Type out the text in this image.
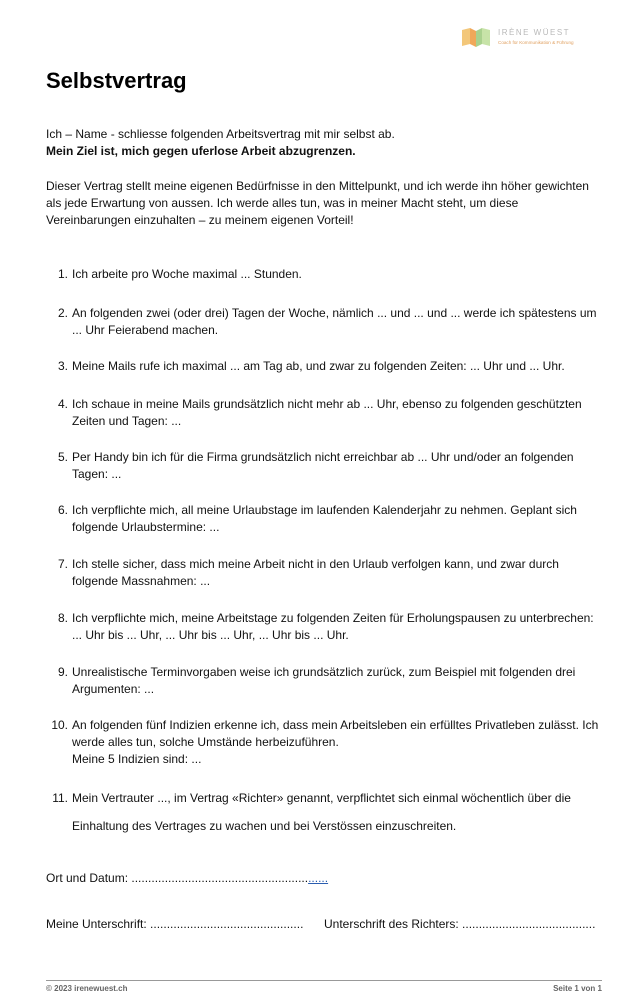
IRÈNE WÜEST
Coach für Kommunikation & Führung
Selbstvertrag
Ich – Name - schliesse folgenden Arbeitsvertrag mit mir selbst ab.
Mein Ziel ist, mich gegen uferlose Arbeit abzugrenzen.
Dieser Vertrag stellt meine eigenen Bedürfnisse in den Mittelpunkt, und ich werde ihn höher gewichten als jede Erwartung von aussen. Ich werde alles tun, was in meiner Macht steht, um diese Vereinbarungen einzuhalten – zu meinem eigenen Vorteil!
1. Ich arbeite pro Woche maximal ... Stunden.
2. An folgenden zwei (oder drei) Tagen der Woche, nämlich ... und ... und ... werde ich spätestens um ... Uhr Feierabend machen.
3. Meine Mails rufe ich maximal ... am Tag ab, und zwar zu folgenden Zeiten: ... Uhr und ... Uhr.
4. Ich schaue in meine Mails grundsätzlich nicht mehr ab ... Uhr, ebenso zu folgenden geschützten Zeiten und Tagen: ...
5. Per Handy bin ich für die Firma grundsätzlich nicht erreichbar ab ... Uhr und/oder an folgenden Tagen: ...
6. Ich verpflichte mich, all meine Urlaubstage im laufenden Kalenderjahr zu nehmen. Geplant sich folgende Urlaubstermine: ...
7. Ich stelle sicher, dass mich meine Arbeit nicht in den Urlaub verfolgen kann, und zwar durch folgende Massnahmen: ...
8. Ich verpflichte mich, meine Arbeitstage zu folgenden Zeiten für Erholungspausen zu unterbrechen: ... Uhr bis ... Uhr, ... Uhr bis ... Uhr, ... Uhr bis ... Uhr.
9. Unrealistische Terminvorgaben weise ich grundsätzlich zurück, zum Beispiel mit folgenden drei Argumenten: ...
10. An folgenden fünf Indizien erkenne ich, dass mein Arbeitsleben ein erfülltes Privatleben zulässt. Ich werde alles tun, solche Umstände herbeizuführen.
Meine 5 Indizien sind: ...
11. Mein Vertrauter ..., im Vertrag «Richter» genannt, verpflichtet sich einmal wöchentlich über die Einhaltung des Vertrages zu wachen und bei Verstössen einzuschreiten.
Ort und Datum: ...........................................................
Meine Unterschrift: .............................................. Unterschrift des Richters: ........................................
© 2023 irenewuest.ch	Seite 1 von 1
